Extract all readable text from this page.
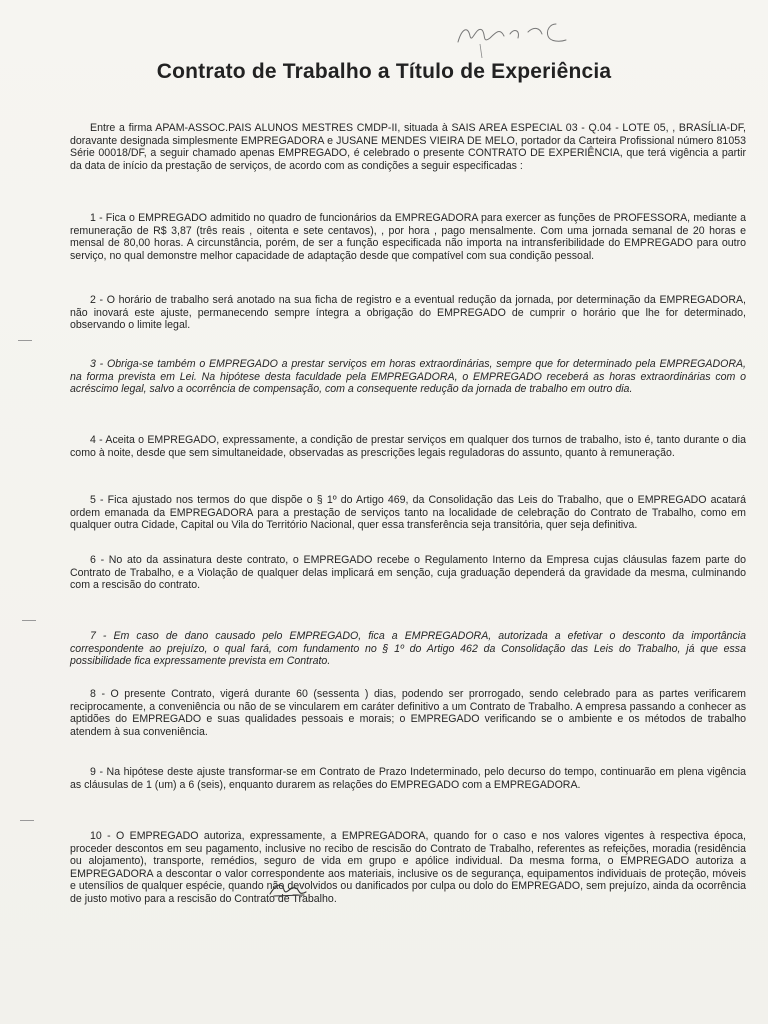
Contrato de Trabalho a Título de Experiência

Entre a firma APAM-ASSOC.PAIS ALUNOS MESTRES CMDP-II, situada à SAIS AREA ESPECIAL 03 - Q.04 - LOTE 05, , BRASÍLIA-DF, doravante designada simplesmente EMPREGADORA e JUSANE MENDES VIEIRA DE MELO, portador da Carteira Profissional número 81053 Série 00018/DF, a seguir chamado apenas EMPREGADO, é celebrado o presente CONTRATO DE EXPERIÊNCIA, que terá vigência a partir da data de início da prestação de serviços, de acordo com as condições a seguir especificadas :

1 - Fica o EMPREGADO admitido no quadro de funcionários da EMPREGADORA para exercer as funções de PROFESSORA, mediante a remuneração de R$ 3,87 (três reais , oitenta e sete centavos), , por hora , pago mensalmente. Com uma jornada semanal de 20 horas e mensal de 80,00 horas. A circunstância, porém, de ser a função especificada não importa na intransferibilidade do EMPREGADO para outro serviço, no qual demonstre melhor capacidade de adaptação desde que compatível com sua condição pessoal.

2 - O horário de trabalho será anotado na sua ficha de registro e a eventual redução da jornada, por determinação da EMPREGADORA, não inovará este ajuste, permanecendo sempre íntegra a obrigação do EMPREGADO de cumprir o horário que lhe for determinado, observando o limite legal.

3 - Obriga-se também o EMPREGADO a prestar serviços em horas extraordinárias, sempre que for determinado pela EMPREGADORA, na forma prevista em Lei. Na hipótese desta faculdade pela EMPREGADORA, o EMPREGADO receberá as horas extraordinárias com o acréscimo legal, salvo a ocorrência de compensação, com a consequente redução da jornada de trabalho em outro dia.

4 - Aceita o EMPREGADO, expressamente, a condição de prestar serviços em qualquer dos turnos de trabalho, isto é, tanto durante o dia como à noite, desde que sem simultaneidade, observadas as prescrições legais reguladoras do assunto, quanto à remuneração.

5 - Fica ajustado nos termos do que dispõe o § 1º do Artigo 469, da Consolidação das Leis do Trabalho, que o EMPREGADO acatará ordem emanada da EMPREGADORA para a prestação de serviços tanto na localidade de celebração do Contrato de Trabalho, como em qualquer outra Cidade, Capital ou Vila do Território Nacional, quer essa transferência seja transitória, quer seja definitiva.

6 - No ato da assinatura deste contrato, o EMPREGADO recebe o Regulamento Interno da Empresa cujas cláusulas fazem parte do Contrato de Trabalho, e a Violação de qualquer delas implicará em senção, cuja graduação dependerá da gravidade da mesma, culminando com a rescisão do contrato.

7 - Em caso de dano causado pelo EMPREGADO, fica a EMPREGADORA, autorizada a efetivar o desconto da importância correspondente ao prejuízo, o qual fará, com fundamento no § 1º do Artigo 462 da Consolidação das Leis do Trabalho, já que essa possibilidade fica expressamente prevista em Contrato.

8 - O presente Contrato, vigerá durante 60 (sessenta ) dias, podendo ser prorrogado, sendo celebrado para as partes verificarem reciprocamente, a conveniência ou não de se vincularem em caráter definitivo a um Contrato de Trabalho. A empresa passando a conhecer as aptidões do EMPREGADO e suas qualidades pessoais e morais; o EMPREGADO verificando se o ambiente e os métodos de trabalho atendem à sua conveniência.

9 - Na hipótese deste ajuste transformar-se em Contrato de Prazo Indeterminado, pelo decurso do tempo, continuarão em plena vigência as cláusulas de 1 (um) a 6 (seis), enquanto durarem as relações do EMPREGADO com a EMPREGADORA.

10 - O EMPREGADO autoriza, expressamente, a EMPREGADORA, quando for o caso e nos valores vigentes à respectiva época, proceder descontos em seu pagamento, inclusive no recibo de rescisão do Contrato de Trabalho, referentes as refeições, moradia (residência ou alojamento), transporte, remédios, seguro de vida em grupo e apólice individual. Da mesma forma, o EMPREGADO autoriza a EMPREGADORA a descontar o valor correspondente aos materiais, inclusive os de segurança, equipamentos individuais de proteção, móveis e utensílios de qualquer espécie, quando não devolvidos ou danificados por culpa ou dolo do EMPREGADO, sem prejuízo, ainda da ocorrência de justo motivo para a rescisão do Contrato de Trabalho.
